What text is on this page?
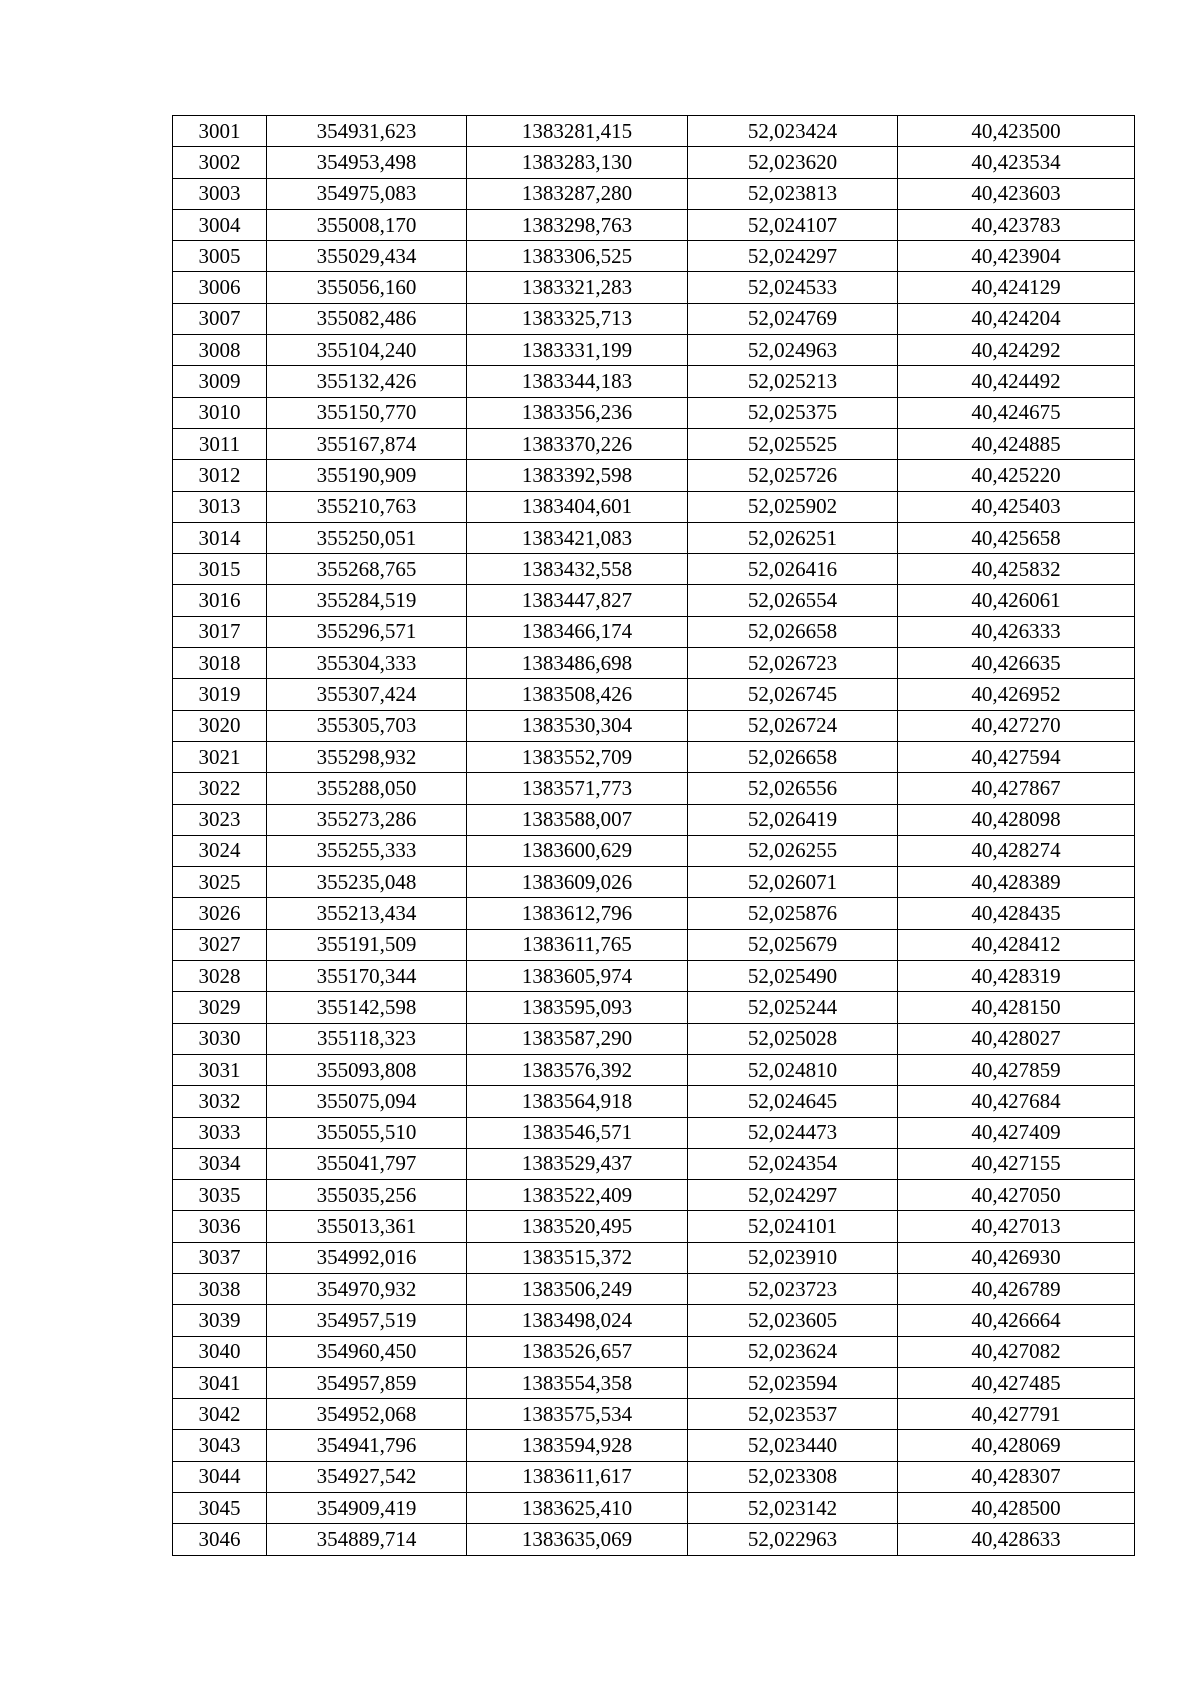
3001	354931,623	1383281,415	52,023424	40,423500
3002	354953,498	1383283,130	52,023620	40,423534
3003	354975,083	1383287,280	52,023813	40,423603
3004	355008,170	1383298,763	52,024107	40,423783
3005	355029,434	1383306,525	52,024297	40,423904
3006	355056,160	1383321,283	52,024533	40,424129
3007	355082,486	1383325,713	52,024769	40,424204
3008	355104,240	1383331,199	52,024963	40,424292
3009	355132,426	1383344,183	52,025213	40,424492
3010	355150,770	1383356,236	52,025375	40,424675
3011	355167,874	1383370,226	52,025525	40,424885
3012	355190,909	1383392,598	52,025726	40,425220
3013	355210,763	1383404,601	52,025902	40,425403
3014	355250,051	1383421,083	52,026251	40,425658
3015	355268,765	1383432,558	52,026416	40,425832
3016	355284,519	1383447,827	52,026554	40,426061
3017	355296,571	1383466,174	52,026658	40,426333
3018	355304,333	1383486,698	52,026723	40,426635
3019	355307,424	1383508,426	52,026745	40,426952
3020	355305,703	1383530,304	52,026724	40,427270
3021	355298,932	1383552,709	52,026658	40,427594
3022	355288,050	1383571,773	52,026556	40,427867
3023	355273,286	1383588,007	52,026419	40,428098
3024	355255,333	1383600,629	52,026255	40,428274
3025	355235,048	1383609,026	52,026071	40,428389
3026	355213,434	1383612,796	52,025876	40,428435
3027	355191,509	1383611,765	52,025679	40,428412
3028	355170,344	1383605,974	52,025490	40,428319
3029	355142,598	1383595,093	52,025244	40,428150
3030	355118,323	1383587,290	52,025028	40,428027
3031	355093,808	1383576,392	52,024810	40,427859
3032	355075,094	1383564,918	52,024645	40,427684
3033	355055,510	1383546,571	52,024473	40,427409
3034	355041,797	1383529,437	52,024354	40,427155
3035	355035,256	1383522,409	52,024297	40,427050
3036	355013,361	1383520,495	52,024101	40,427013
3037	354992,016	1383515,372	52,023910	40,426930
3038	354970,932	1383506,249	52,023723	40,426789
3039	354957,519	1383498,024	52,023605	40,426664
3040	354960,450	1383526,657	52,023624	40,427082
3041	354957,859	1383554,358	52,023594	40,427485
3042	354952,068	1383575,534	52,023537	40,427791
3043	354941,796	1383594,928	52,023440	40,428069
3044	354927,542	1383611,617	52,023308	40,428307
3045	354909,419	1383625,410	52,023142	40,428500
3046	354889,714	1383635,069	52,022963	40,428633
